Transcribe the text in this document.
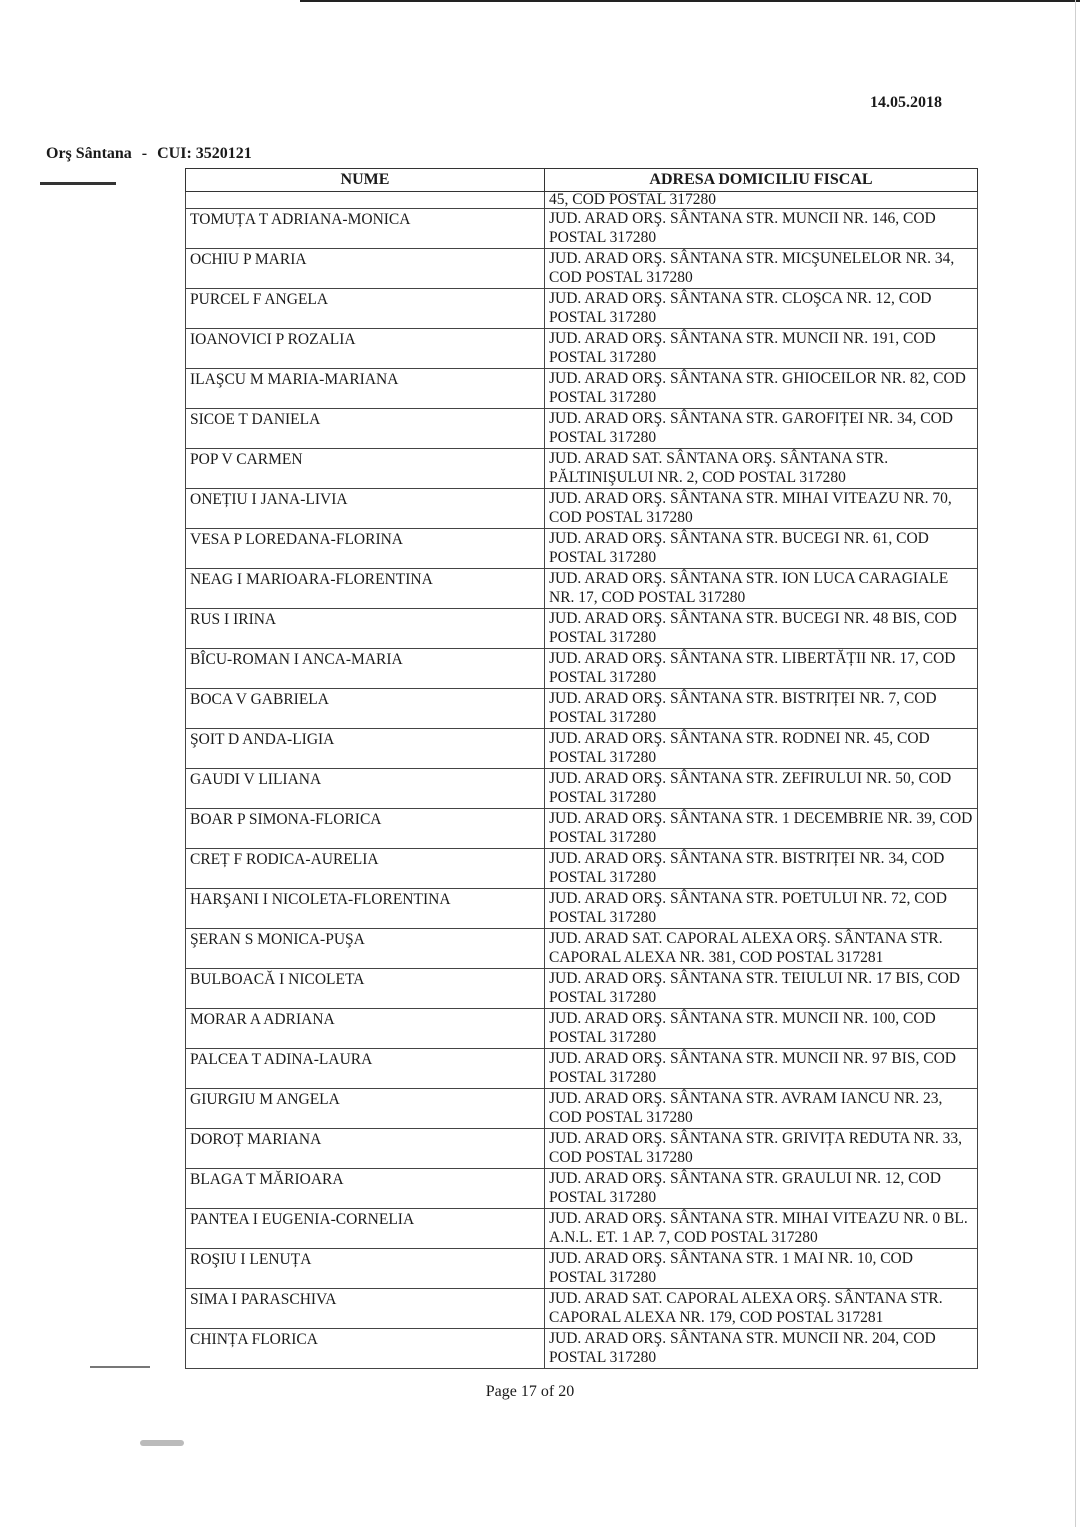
14.05.2018
Orş Sântana - CUI: 3520121
NUME	ADRESA DOMICILIU FISCAL
	45, COD POSTAL 317280
TOMUȚA T ADRIANA-MONICA	JUD. ARAD ORŞ. SÂNTANA STR. MUNCII NR. 146, COD POSTAL 317280
OCHIU P MARIA	JUD. ARAD ORŞ. SÂNTANA STR. MICŞUNELELOR NR. 34, COD POSTAL 317280
PURCEL F ANGELA	JUD. ARAD ORŞ. SÂNTANA STR. CLOŞCA NR. 12, COD POSTAL 317280
IOANOVICI P ROZALIA	JUD. ARAD ORŞ. SÂNTANA STR. MUNCII NR. 191, COD POSTAL 317280
ILAŞCU M MARIA-MARIANA	JUD. ARAD ORŞ. SÂNTANA STR. GHIOCEILOR NR. 82, COD POSTAL 317280
SICOE T DANIELA	JUD. ARAD ORŞ. SÂNTANA STR. GAROFIȚEI NR. 34, COD POSTAL 317280
POP V CARMEN	JUD. ARAD SAT. SÂNTANA ORŞ. SÂNTANA STR. PĂLTINIŞULUI NR. 2, COD POSTAL 317280
ONEȚIU I JANA-LIVIA	JUD. ARAD ORŞ. SÂNTANA STR. MIHAI VITEAZU NR. 70, COD POSTAL 317280
VESA P LOREDANA-FLORINA	JUD. ARAD ORŞ. SÂNTANA STR. BUCEGI NR. 61, COD POSTAL 317280
NEAG I MARIOARA-FLORENTINA	JUD. ARAD ORŞ. SÂNTANA STR. ION LUCA CARAGIALE NR. 17, COD POSTAL 317280
RUS I IRINA	JUD. ARAD ORŞ. SÂNTANA STR. BUCEGI NR. 48 BIS, COD POSTAL 317280
BÎCU-ROMAN I ANCA-MARIA	JUD. ARAD ORŞ. SÂNTANA STR. LIBERTĂȚII NR. 17, COD POSTAL 317280
BOCA V GABRIELA	JUD. ARAD ORŞ. SÂNTANA STR. BISTRIȚEI NR. 7, COD POSTAL 317280
ŞOIT D ANDA-LIGIA	JUD. ARAD ORŞ. SÂNTANA STR. RODNEI NR. 45, COD POSTAL 317280
GAUDI V LILIANA	JUD. ARAD ORŞ. SÂNTANA STR. ZEFIRULUI NR. 50, COD POSTAL 317280
BOAR P SIMONA-FLORICA	JUD. ARAD ORŞ. SÂNTANA STR. 1 DECEMBRIE NR. 39, COD POSTAL 317280
CREȚ F RODICA-AURELIA	JUD. ARAD ORŞ. SÂNTANA STR. BISTRIȚEI NR. 34, COD POSTAL 317280
HARŞANI I NICOLETA-FLORENTINA	JUD. ARAD ORŞ. SÂNTANA STR. POETULUI NR. 72, COD POSTAL 317280
ŞERAN S MONICA-PUŞA	JUD. ARAD SAT. CAPORAL ALEXA ORŞ. SÂNTANA STR. CAPORAL ALEXA NR. 381, COD POSTAL 317281
BULBOACĂ I NICOLETA	JUD. ARAD ORŞ. SÂNTANA STR. TEIULUI NR. 17 BIS, COD POSTAL 317280
MORAR A ADRIANA	JUD. ARAD ORŞ. SÂNTANA STR. MUNCII NR. 100, COD POSTAL 317280
PALCEA T ADINA-LAURA	JUD. ARAD ORŞ. SÂNTANA STR. MUNCII NR. 97 BIS, COD POSTAL 317280
GIURGIU M ANGELA	JUD. ARAD ORŞ. SÂNTANA STR. AVRAM IANCU NR. 23, COD POSTAL 317280
DOROȚ MARIANA	JUD. ARAD ORŞ. SÂNTANA STR. GRIVIȚA REDUTA NR. 33, COD POSTAL 317280
BLAGA T MĂRIOARA	JUD. ARAD ORŞ. SÂNTANA STR. GRAULUI NR. 12, COD POSTAL 317280
PANTEA I EUGENIA-CORNELIA	JUD. ARAD ORŞ. SÂNTANA STR. MIHAI VITEAZU NR. 0 BL. A.N.L. ET. 1 AP. 7, COD POSTAL 317280
ROŞIU I LENUȚA	JUD. ARAD ORŞ. SÂNTANA STR. 1 MAI NR. 10, COD POSTAL 317280
SIMA I PARASCHIVA	JUD. ARAD SAT. CAPORAL ALEXA ORŞ. SÂNTANA STR. CAPORAL ALEXA NR. 179, COD POSTAL 317281
CHINȚA FLORICA	JUD. ARAD ORŞ. SÂNTANA STR. MUNCII NR. 204, COD POSTAL 317280
Page 17 of 20
